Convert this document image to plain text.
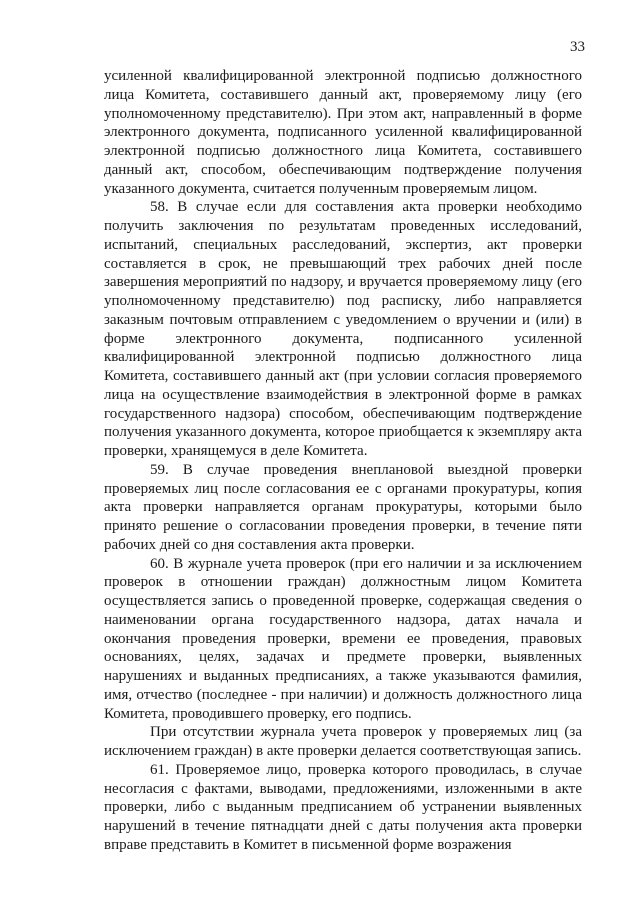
33

усиленной квалифицированной электронной подписью должностного лица Комитета, составившего данный акт, проверяемому лицу (его уполномоченному представителю). При этом акт, направленный в форме электронного документа, подписанного усиленной квалифицированной электронной подписью должностного лица Комитета, составившего данный акт, способом, обеспечивающим подтверждение получения указанного документа, считается полученным проверяемым лицом.

58. В случае если для составления акта проверки необходимо получить заключения по результатам проведенных исследований, испытаний, специальных расследований, экспертиз, акт проверки составляется в срок, не превышающий трех рабочих дней после завершения мероприятий по надзору, и вручается проверяемому лицу (его уполномоченному представителю) под расписку, либо направляется заказным почтовым отправлением с уведомлением о вручении и (или) в форме электронного документа, подписанного усиленной квалифицированной электронной подписью должностного лица Комитета, составившего данный акт (при условии согласия проверяемого лица на осуществление взаимодействия в электронной форме в рамках государственного надзора) способом, обеспечивающим подтверждение получения указанного документа, которое приобщается к экземпляру акта проверки, хранящемуся в деле Комитета.

59. В случае проведения внеплановой выездной проверки проверяемых лиц после согласования ее с органами прокуратуры, копия акта проверки направляется органам прокуратуры, которыми было принято решение о согласовании проведения проверки, в течение пяти рабочих дней со дня составления акта проверки.

60. В журнале учета проверок (при его наличии и за исключением проверок в отношении граждан) должностным лицом Комитета осуществляется запись о проведенной проверке, содержащая сведения о наименовании органа государственного надзора, датах начала и окончания проведения проверки, времени ее проведения, правовых основаниях, целях, задачах и предмете проверки, выявленных нарушениях и выданных предписаниях, а также указываются фамилия, имя, отчество (последнее - при наличии) и должность должностного лица Комитета, проводившего проверку, его подпись.

При отсутствии журнала учета проверок у проверяемых лиц (за исключением граждан) в акте проверки делается соответствующая запись.

61. Проверяемое лицо, проверка которого проводилась, в случае несогласия с фактами, выводами, предложениями, изложенными в акте проверки, либо с выданным предписанием об устранении выявленных нарушений в течение пятнадцати дней с даты получения акта проверки вправе представить в Комитет в письменной форме возражения
